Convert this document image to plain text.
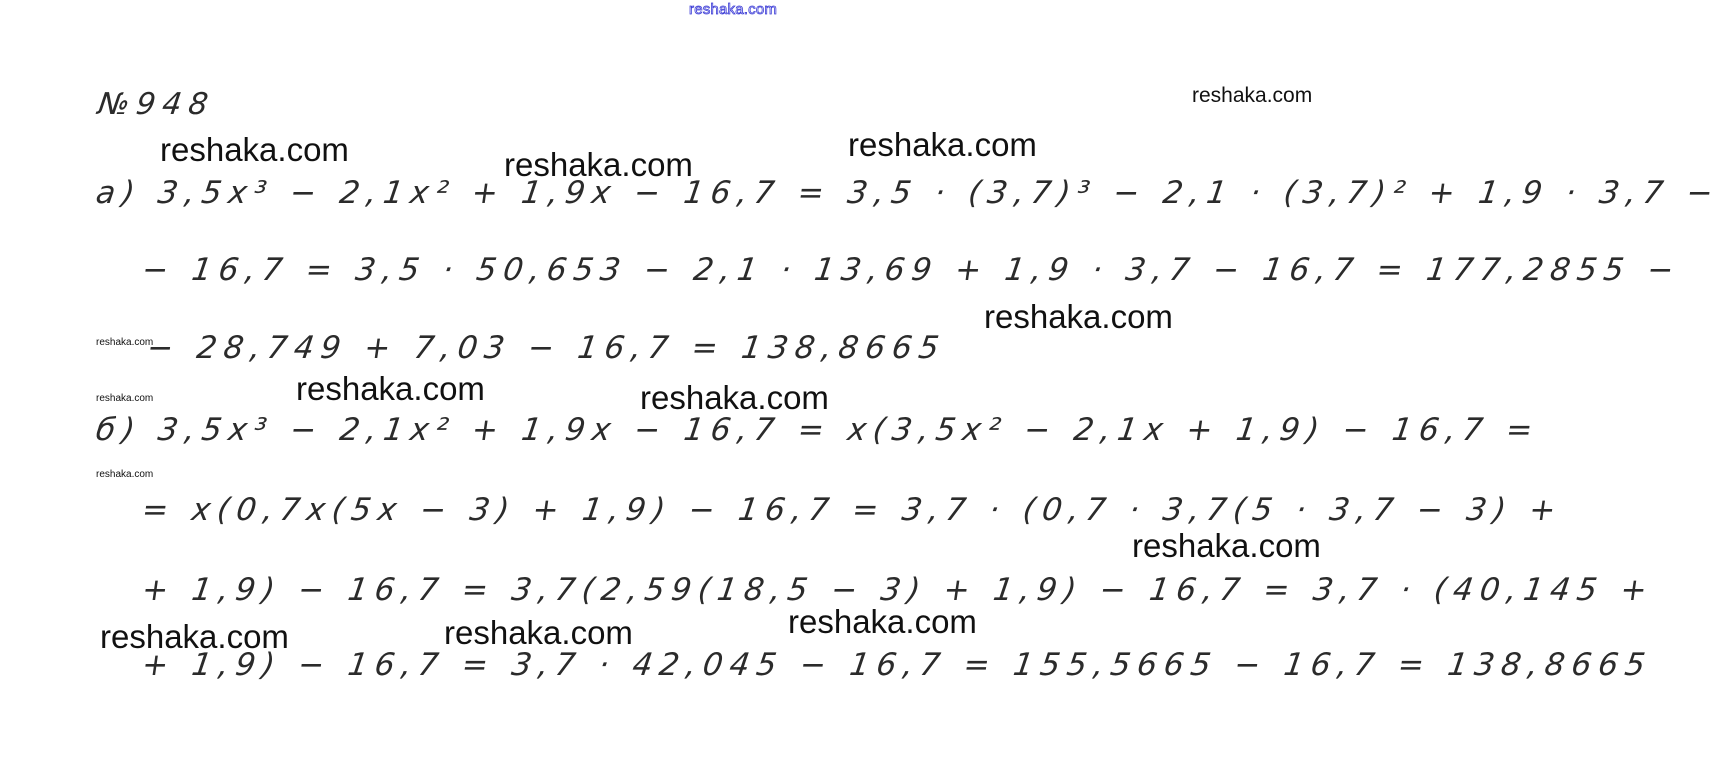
reshaka.com
№948
а) 3,5x³ − 2,1x² + 1,9x − 16,7 = 3,5 · (3,7)³ − 2,1 · (3,7)² + 1,9 · 3,7 −
− 16,7 = 3,5 · 50,653 − 2,1 · 13,69 + 1,9 · 3,7 − 16,7 = 177,2855 −
− 28,749 + 7,03 − 16,7 = 138,8665
б) 3,5x³ − 2,1x² + 1,9x − 16,7 = x(3,5x² − 2,1x + 1,9) − 16,7 =
= x(0,7x(5x − 3) + 1,9) − 16,7 = 3,7 · (0,7 · 3,7(5 · 3,7 − 3) +
+ 1,9) − 16,7 = 3,7(2,59(18,5 − 3) + 1,9) − 16,7 = 3,7 · (40,145 +
+ 1,9) − 16,7 = 3,7 · 42,045 − 16,7 = 155,5665 − 16,7 = 138,8665
reshaka.com
reshaka.com	reshaka.com
reshaka.com
reshaka.com
reshaka.com
reshaka.com	reshaka.com
reshaka.com
reshaka.com
reshaka.com
reshaka.com
reshaka.com	reshaka.com
